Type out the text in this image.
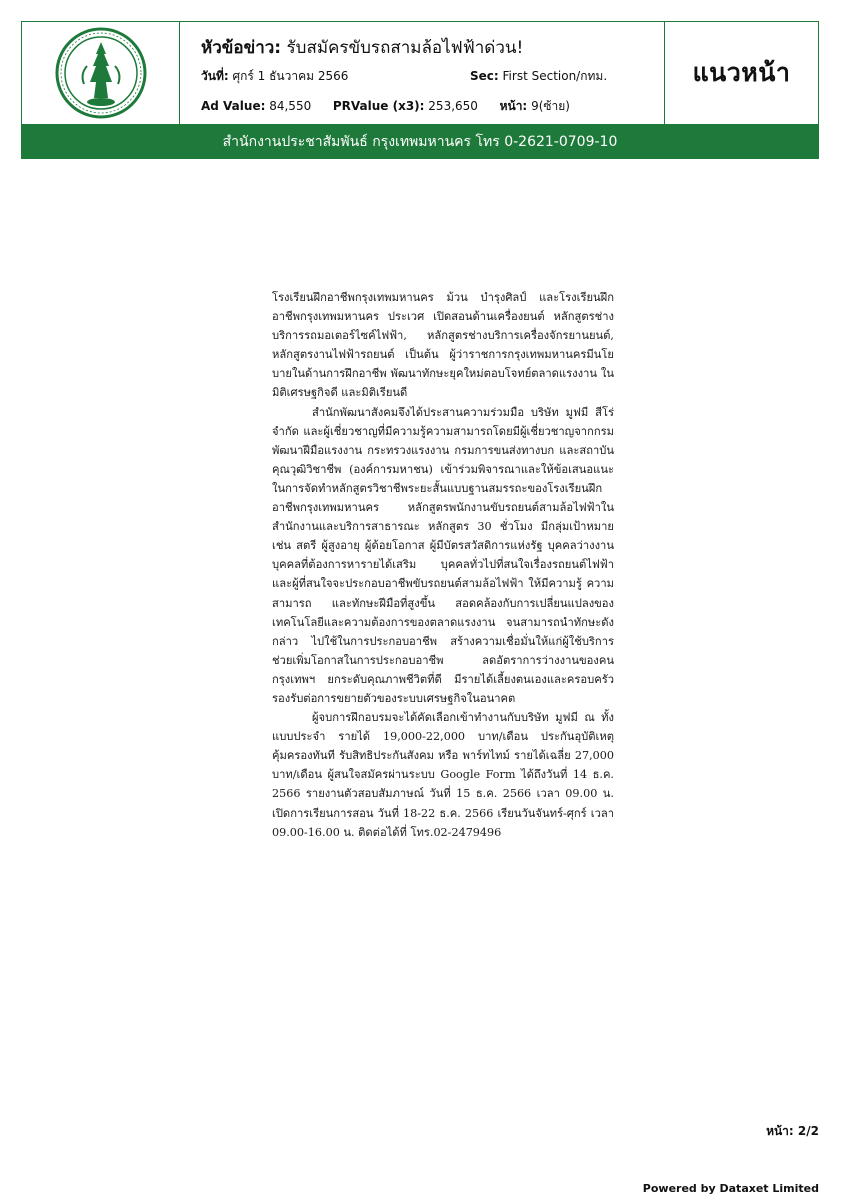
หัวข้อข่าว: รับสมัครขับรถสามล้อไฟฟ้าด่วน!
วันที่: ศุกร์ 1 ธันวาคม 2566	Sec: First Section/กทม.
Ad Value: 84,550 PRValue (x3): 253,650 หน้า: 9(ซ้าย)
แนวหน้า
สำนักงานประชาสัมพันธ์ กรุงเทพมหานคร โทร 0-2621-0709-10

โรงเรียนฝึกอาชีพกรุงเทพมหานคร ม้วน บำรุงศิลป์ และโรงเรียนฝึกอาชีพกรุงเทพมหานคร ประเวศ เปิดสอนด้านเครื่องยนต์ หลักสูตรช่างบริการรถมอเตอร์ไซค์ไฟฟ้า, หลักสูตรช่างบริการเครื่องจักรยานยนต์, หลักสูตรงานไฟฟ้ารถยนต์ เป็นต้น ผู้ว่าราชการกรุงเทพมหานครมีนโยบายในด้านการฝึกอาชีพ พัฒนาทักษะยุคใหม่ตอบโจทย์ตลาดแรงงาน ในมิติเศรษฐกิจดี และมิติเรียนดี

สำนักพัฒนาสังคมจึงได้ประสานความร่วมมือ บริษัท มูฟมี สีโร่ จำกัด และผู้เชี่ยวชาญที่มีความรู้ความสามารถโดยมีผู้เชี่ยวชาญจากกรมพัฒนาฝีมือแรงงาน กระทรวงแรงงาน กรมการขนส่งทางบก และสถาบันคุณวุฒิวิชาชีพ (องค์การมหาชน) เข้าร่วมพิจารณาและให้ข้อเสนอแนะในการจัดทำหลักสูตรวิชาชีพระยะสั้นแบบฐานสมรรถะของโรงเรียนฝึกอาชีพกรุงเทพมหานคร หลักสูตรพนักงานขับรถยนต์สามล้อไฟฟ้าในสำนักงานและบริการสาธารณะ หลักสูตร 30 ชั่วโมง มีกลุ่มเป้าหมาย เช่น สตรี ผู้สูงอายุ ผู้ด้อยโอกาส ผู้มีบัตรสวัสดิการแห่งรัฐ บุคคลว่างงาน บุคคลที่ต้องการหารายได้เสริม บุคคลทั่วไปที่สนใจเรื่องรถยนต์ไฟฟ้า และผู้ที่สนใจจะประกอบอาชีพขับรถยนต์สามล้อไฟฟ้า ให้มีความรู้ ความสามารถ และทักษะฝีมือที่สูงขึ้น สอดคล้องกับการเปลี่ยนแปลงของเทคโนโลยีและความต้องการของตลาดแรงงาน จนสามารถนำทักษะดังกล่าว ไปใช้ในการประกอบอาชีพ สร้างความเชื่อมั่นให้แก่ผู้ใช้บริการ ช่วยเพิ่มโอกาสในการประกอบอาชีพ ลดอัตราการว่างงานของคนกรุงเทพฯ ยกระดับคุณภาพชีวิตที่ดี มีรายได้เลี้ยงตนเองและครอบครัว รองรับต่อการขยายตัวของระบบเศรษฐกิจในอนาคต

ผู้จบการฝึกอบรมจะได้คัดเลือกเข้าทำงานกับบริษัท มูฟมี ณ ทั้งแบบประจำ รายได้ 19,000-22,000 บาท/เดือน ประกันอุบัติเหตุคุ้มครองทันที รับสิทธิประกันสังคม หรือ พาร์ทไทม์ รายได้เฉลี่ย 27,000 บาท/เดือน ผู้สนใจสมัครผ่านระบบ Google Form ได้ถึงวันที่ 14 ธ.ค. 2566 รายงานตัวสอบสัมภาษณ์ วันที่ 15 ธ.ค. 2566 เวลา 09.00 น. เปิดการเรียนการสอน วันที่ 18-22 ธ.ค. 2566 เรียนวันจันทร์-ศุกร์ เวลา 09.00-16.00 น. ติดต่อได้ที่ โทร.02-2479496

หน้า: 2/2
Powered by Dataxet Limited
